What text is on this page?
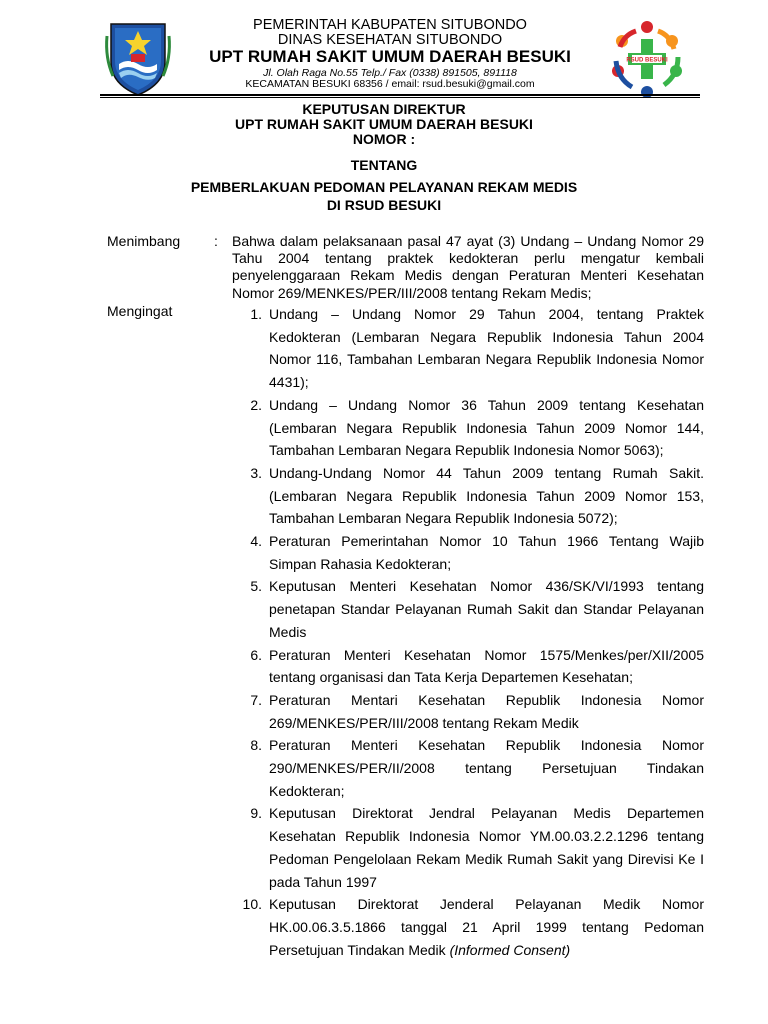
PEMERINTAH KABUPATEN SITUBONDO
DINAS KESEHATAN SITUBONDO
UPT RUMAH SAKIT UMUM DAERAH BESUKI
Jl. Olah Raga No.55 Telp./ Fax (0338) 891505, 891118
KECAMATAN BESUKI 68356 / email: rsud.besuki@gmail.com
RSUD BESUKI
KEPUTUSAN DIREKTUR
UPT RUMAH SAKIT UMUM DAERAH BESUKI
NOMOR :
TENTANG
PEMBERLAKUAN PEDOMAN PELAYANAN REKAM MEDIS
DI RSUD BESUKI
Menimbang : Bahwa dalam pelaksanaan pasal 47 ayat (3) Undang – Undang Nomor 29 Tahu 2004 tentang praktek kedokteran perlu mengatur kembali penyelenggaraan Rekam Medis dengan Peraturan Menteri Kesehatan Nomor 269/MENKES/PER/III/2008 tentang Rekam Medis;

Mengingat	1. Undang – Undang Nomor 29 Tahun 2004, tentang Praktek Kedokteran (Lembaran Negara Republik Indonesia Tahun 2004 Nomor 116, Tambahan Lembaran Negara Republik Indonesia Nomor 4431);
2. Undang – Undang Nomor 36 Tahun 2009 tentang Kesehatan (Lembaran Negara Republik Indonesia Tahun 2009 Nomor 144, Tambahan Lembaran Negara Republik Indonesia Nomor 5063);
3. Undang-Undang Nomor 44 Tahun 2009 tentang Rumah Sakit. (Lembaran Negara Republik Indonesia Tahun 2009 Nomor 153, Tambahan Lembaran Negara Republik Indonesia 5072);
4. Peraturan Pemerintahan Nomor 10 Tahun 1966 Tentang Wajib Simpan Rahasia Kedokteran;
5. Keputusan Menteri Kesehatan Nomor 436/SK/VI/1993 tentang penetapan Standar Pelayanan Rumah Sakit dan Standar Pelayanan Medis
6. Peraturan Menteri Kesehatan Nomor 1575/Menkes/per/XII/2005 tentang organisasi dan Tata Kerja Departemen Kesehatan;
7. Peraturan Mentari Kesehatan Republik Indonesia Nomor 269/MENKES/PER/III/2008 tentang Rekam Medik
8. Peraturan Menteri Kesehatan Republik Indonesia Nomor 290/MENKES/PER/II/2008 tentang Persetujuan Tindakan Kedokteran;
9. Keputusan Direktorat Jendral Pelayanan Medis Departemen Kesehatan Republik Indonesia Nomor YM.00.03.2.2.1296 tentang Pedoman Pengelolaan Rekam Medik Rumah Sakit yang Direvisi Ke I pada Tahun 1997
10. Keputusan Direktorat Jenderal Pelayanan Medik Nomor HK.00.06.3.5.1866 tanggal 21 April 1999 tentang Pedoman Persetujuan Tindakan Medik (Informed Consent)
